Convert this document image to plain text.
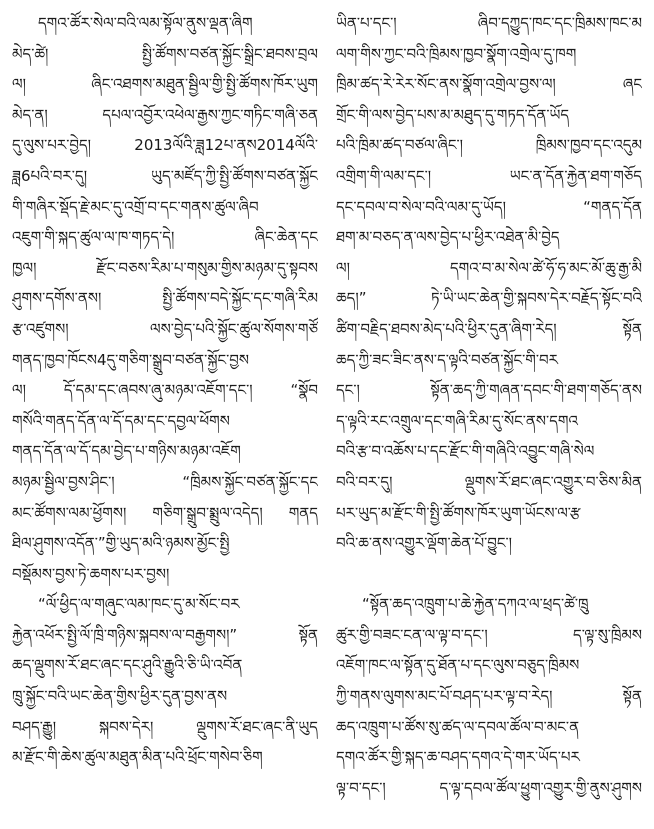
དགའ་ཚོར་སེལ་བའི་ལམ་སྟོལ་ནུས་ལྡན་ཞིག
མེད་ཚེ། སྤྱི་ཚོགས་བཙན་སྐྱོང་སྒྲིང་ཐབས་བྲལ
ལ། ཞིང་འཐགས་མཐུན་སྦྱིལ་གྱི་སྤྱི་ཚོགས་ཁོར་ཡུག
མེད་ན། དཔལ་འབྱོར་འཕེལ་རྒྱས་ཀྱང་གཏིང་གཞི་ཅན
དུ་ལུས་པར་བྱེད། 2013ལོའི་ཟླ12པ་ནས2014ལོའི་
ཟླ6པའི་བར་དུ། ཡུད་མཛོད་ཀྱི་སྤྱི་ཚོགས་བཙན་སྐྱོང
གི་གཞིར་སྡོད་རྗེ་མང་དུ་འགྲོ་བ་དང་གནས་ཚུལ་ཞིབ
འཇུག་གི་སྐད་ཚུལ་ལ་ཁ་གཏད་དེ། ཞིང་ཆེན་དང
ཁྱལ། རྫོང་བཅས་རིམ་པ་གསུམ་གྱིས་མཉམ་དུ་སྟབས
ཤུགས་དགོས་ནས། སྤྱི་ཚོགས་བདེ་སྐྱོང་དང་གཞི་རིམ
རྩ་འཛུགས། ལས་བྱེད་པའི་སྐྱོང་ཚུལ་སོགས་གཙོ
གནད་ཁྱབ་ཁོངས4དུ་གཅིག་སྒྲུབ་བཙན་སྐྱོང་བྱས
ལ། དོ་དམ་དང་ཞབས་ཞུ་མཉམ་འཇོག་དང་། “སྣོབ
གསོའི་གནད་དོན་ལ་དོ་དམ་དང་དབྱལ་ཕོགས
གནད་དོན་ལ་དོ་དམ་བྱེད་པ་གཉིས་མཉམ་འཇོག
མཉམ་སྦྱིལ་བྱས་ཤིང་། “ཁྲིམས་སྐྱོང་བཙན་སྐྱོང་དང
མང་ཚོགས་ལམ་ཕྱོགས། གཅིག་སྒྲུབ་སྨྲུལ་འདེད། གནད
ཐིལ་ཤུགས་འདོན་”གྱི་ཡུད་མའི་ཉམས་མྱོང་སྤྱི
བསྡོམས་བྱས་ཏེ་ཆགས་པར་བྱས།
“ལོ་ཕྱིད་ལ་གཞུང་ལམ་ཁང་དུ་མ་སོང་བར
རྐྱེན་འཕོར་སྤྱི་ལོ་ཁྲི་གཉིས་སྐབས་ལ་བརྒྱགས།” སྟོན
ཆད་ལྡུགས་རོ་ཐང་ཞང་དང་ཤུའི་རྒྱུའི་ཅི་ཡི་འབོན
ཁྲུ་སྐྱོང་བའི་ཡང་ཆེན་གྱིས་ཕྱིར་དུན་བྱས་ནས
བཤད་རྒྱུ། སྐབས་དེར། ལྡུགས་རོ་ཐང་ཞང་ནི་ཡུད
མ་རྫོང་གི་ཆེས་ཚུལ་མཐུན་མིན་པའི་ཕྲོང་གསེབ་ཅིག
ཡིན་པ་དང་། ཞིབ་དཀྱུད་ཁང་དང་ཁྲིམས་ཁང་མ
ལག་གིས་ཀྱང་བའི་ཁྲིམས་ཁྱབ་སྣོག་འགྲེལ་དུ་ཁག
ཁྲིམ་ཚད་རེ་རེར་སོང་ནས་སྣོག་འགྲེལ་བྱས་ལ། ཞང
གྲོང་གི་ལས་བྱེད་པས་མ་མཐུད་དུ་གཏད་དོན་ཡོད
པའི་ཁྲིམ་ཚད་བཙལ་ཞིང་། ཁྲིམས་ཁྱབ་དང་འདུམ
འགྲིག་གི་ལམ་དང་། ཡང་ན་དོན་རྐྱེན་ཐག་གཅོད
དང་དབལ་བ་སེལ་བའི་ལམ་དུ་ཡོད། “གནད་དོན
ཐག་མ་བཅད་ན་ལས་བྱེད་པ་ཕྱིར་འཐེན་མི་བྱེད
ལ། དགའ་བ་མ་སེལ་ཚེ་ཧོ་ཧ་མང་མོ་ཆུ་རྒྱ་མི
ཆད།” ཏེ་ཡི་ཡང་ཆེན་གྱི་སྐབས་དེར་བརྗོད་སྟོང་བའི
ཚིག་བརྗིད་ཐབས་མེད་པའི་ཕྱིར་དུན་ཞིག་རེད། སྟོན
ཆད་ཀྱི་ཟང་ཟིང་ནས་ད་ལྟའི་བཙན་སྐྱོང་གི་བར
དང་། སྟོན་ཆད་ཀྱི་གཞན་དབང་གི་ཐག་གཅོད་ནས
ད་ལྟའི་རང་འགྲུལ་དང་གཞི་རིམ་དུ་སོང་ནས་དགའ
བའི་རྩ་བ་འཆོས་པ་དང་རྫོང་གི་གཞིའི་འབྱུང་གཞི་སེལ
བའི་བར་དུ། ལྡུགས་རོ་ཐང་ཞང་འགྱུར་བ་ཅིས་མིན
པར་ཡུད་མ་རྫོང་གི་སྤྱི་ཚོགས་ཁོར་ཡུག་ཡོངས་ལ་རྩ
བའི་ཆ་ནས་འགྱུར་ལྡོག་ཆེན་པོ་བྱུང་།
“སྟོན་ཆད་འཁྲུག་པ་ཆེ་རྐྱེན་དཀའ་ལ་ཕྲད་ཚེ་ཁྲུ
ཚུར་གྱི་བཟང་ངན་ལ་ལྟ་བ་དང་། ད་ལྟ་སུ་ཁྲིམས
འཇོག་ཁང་ལ་སྟོན་དུ་ཐོན་པ་དང་ལུས་བཅུད་ཁྲིམས
ཀྱི་གནས་ལུགས་མང་པོ་བཤད་པར་ལྟ་བ་རེད། སྟོན
ཆད་འཁྲུག་པ་ཚོས་སུ་ཚད་ལ་དབལ་ཚོལ་བ་མང་ན
དགའ་ཚོར་གྱི་སྐད་ཆ་བཤད་དགའ་དེ་གར་ཡོད་པར
ལྟ་བ་དང་། ད་ལྟ་དབལ་ཚོལ་ཕྱུག་འགྱུར་གྱི་ནུས་ཤུགས
